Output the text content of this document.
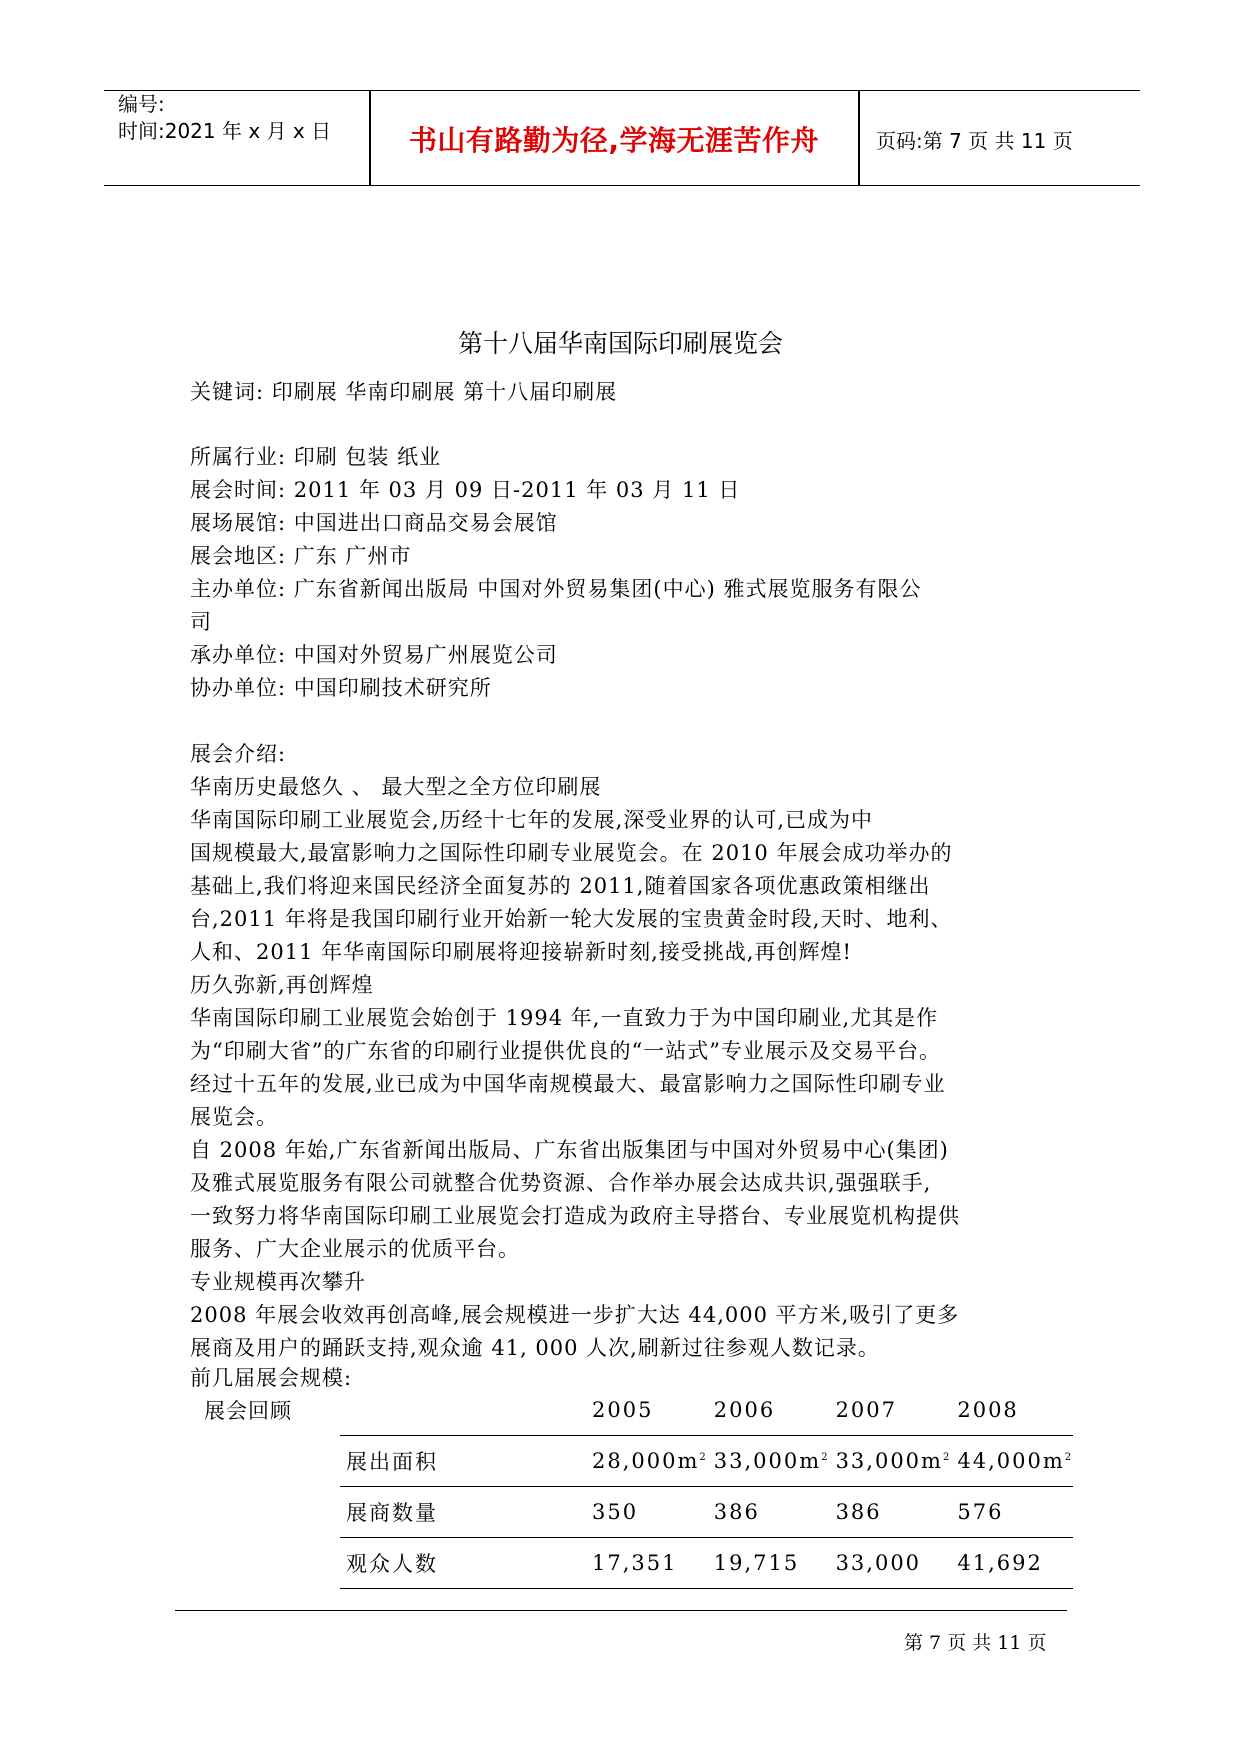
编号:
时间:2021 年 x 月 x 日	书山有路勤为径,学海无涯苦作舟	页码:第 7 页 共 11 页
第十八届华南国际印刷展览会
关键词: 印刷展 华南印刷展 第十八届印刷展
所属行业: 印刷 包装 纸业
展会时间: 2011 年 03 月 09 日-2011 年 03 月 11 日
展场展馆: 中国进出口商品交易会展馆
展会地区: 广东 广州市
主办单位: 广东省新闻出版局 中国对外贸易集团(中心) 雅式展览服务有限公
司
承办单位: 中国对外贸易广州展览公司
协办单位: 中国印刷技术研究所
展会介绍:
华南历史最悠久 、 最大型之全方位印刷展
华南国际印刷工业展览会,历经十七年的发展,深受业界的认可,已成为中
国规模最大,最富影响力之国际性印刷专业展览会。在 2010 年展会成功举办的
基础上,我们将迎来国民经济全面复苏的 2011,随着国家各项优惠政策相继出
台,2011 年将是我国印刷行业开始新一轮大发展的宝贵黄金时段,天时、地利、
人和、2011 年华南国际印刷展将迎接崭新时刻,接受挑战,再创辉煌!
历久弥新,再创辉煌
华南国际印刷工业展览会始创于 1994 年,一直致力于为中国印刷业,尤其是作
为“印刷大省”的广东省的印刷行业提供优良的“一站式”专业展示及交易平台。
经过十五年的发展,业已成为中国华南规模最大、最富影响力之国际性印刷专业
展览会。
自 2008 年始,广东省新闻出版局、广东省出版集团与中国对外贸易中心(集团)
及雅式展览服务有限公司就整合优势资源、合作举办展会达成共识,强强联手,
一致努力将华南国际印刷工业展览会打造成为政府主导搭台、专业展览机构提供
服务、广大企业展示的优质平台。
专业规模再次攀升
2008 年展会收效再创高峰,展会规模进一步扩大达 44,000 平方米,吸引了更多
展商及用户的踊跃支持,观众逾 41, 000 人次,刷新过往参观人数记录。
前几届展会规模:
展会回顾
		2005	2006	2007	2008
展出面积	$28,000m^2$	$33,000m^2$	$33,000m^2$	$44,000m^2$
展商数量	350	386	386	576
观众人数	17,351	19,715	33,000	41,692
第 7 页 共 11 页
